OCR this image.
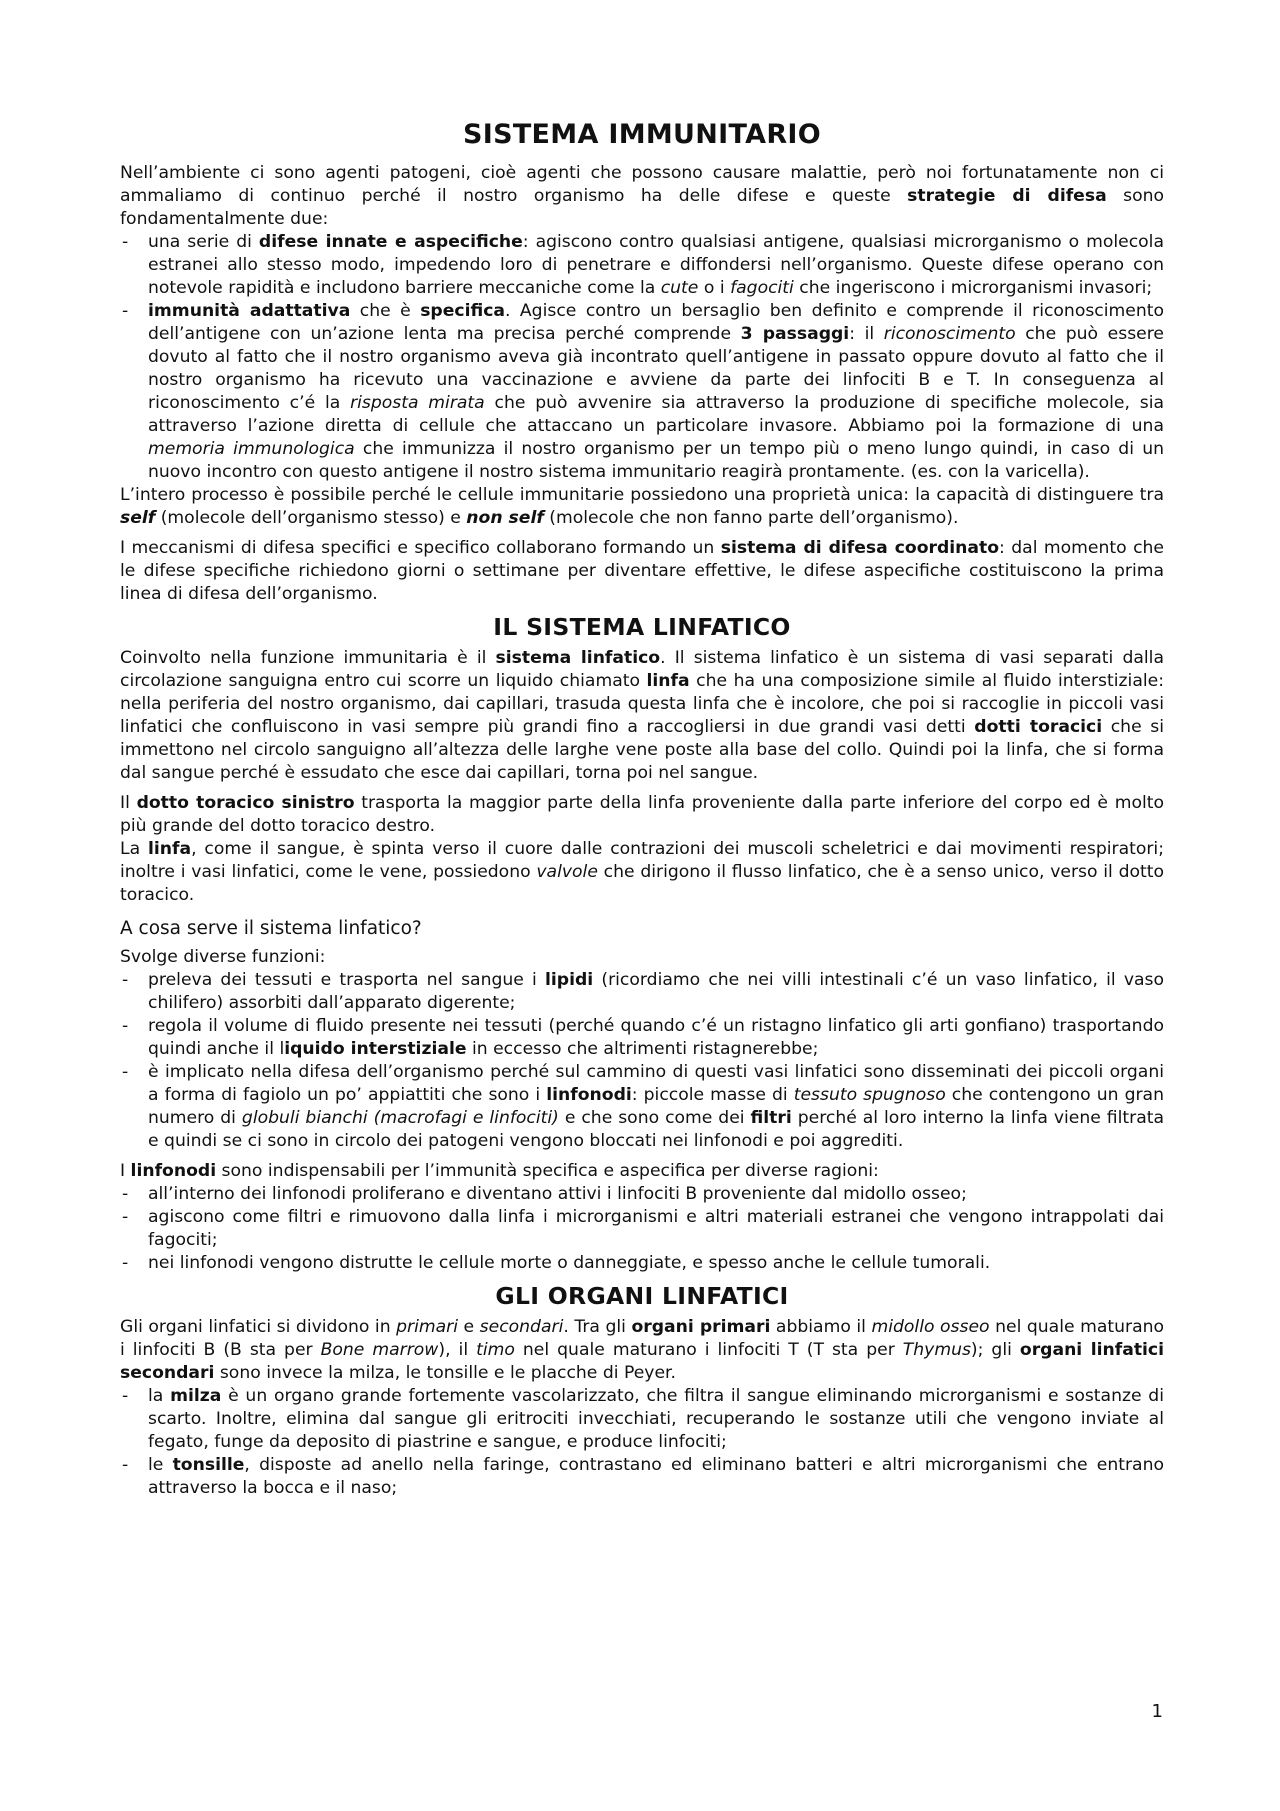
SISTEMA IMMUNITARIO

Nell’ambiente ci sono agenti patogeni, cioè agenti che possono causare malattie, però noi fortunatamente non ci ammaliamo di continuo perché il nostro organismo ha delle difese e queste strategie di difesa sono fondamentalmente due:

- una serie di difese innate e aspecifiche: agiscono contro qualsiasi antigene, qualsiasi microrganismo o molecola estranei allo stesso modo, impedendo loro di penetrare e diffondersi nell’organismo. Queste difese operano con notevole rapidità e includono barriere meccaniche come la cute o i fagociti che ingeriscono i microrganismi invasori;
- immunità adattativa che è specifica. Agisce contro un bersaglio ben definito e comprende il riconoscimento dell’antigene con un’azione lenta ma precisa perché comprende 3 passaggi: il riconoscimento che può essere dovuto al fatto che il nostro organismo aveva già incontrato quell’antigene in passato oppure dovuto al fatto che il nostro organismo ha ricevuto una vaccinazione e avviene da parte dei linfociti B e T. In conseguenza al riconoscimento c’é la risposta mirata che può avvenire sia attraverso la produzione di specifiche molecole, sia attraverso l’azione diretta di cellule che attaccano un particolare invasore. Abbiamo poi la formazione di una memoria immunologica che immunizza il nostro organismo per un tempo più o meno lungo quindi, in caso di un nuovo incontro con questo antigene il nostro sistema immunitario reagirà prontamente. (es. con la varicella).

L’intero processo è possibile perché le cellule immunitarie possiedono una proprietà unica: la capacità di distinguere tra self (molecole dell’organismo stesso) e non self (molecole che non fanno parte dell’organismo).

I meccanismi di difesa specifici e specifico collaborano formando un sistema di difesa coordinato: dal momento che le difese specifiche richiedono giorni o settimane per diventare effettive, le difese aspecifiche costituiscono la prima linea di difesa dell’organismo.

IL SISTEMA LINFATICO

Coinvolto nella funzione immunitaria è il sistema linfatico. Il sistema linfatico è un sistema di vasi separati dalla circolazione sanguigna entro cui scorre un liquido chiamato linfa che ha una composizione simile al fluido interstiziale: nella periferia del nostro organismo, dai capillari, trasuda questa linfa che è incolore, che poi si raccoglie in piccoli vasi linfatici che confluiscono in vasi sempre più grandi fino a raccogliersi in due grandi vasi detti dotti toracici che si immettono nel circolo sanguigno all’altezza delle larghe vene poste alla base del collo. Quindi poi la linfa, che si forma dal sangue perché è essudato che esce dai capillari, torna poi nel sangue.

Il dotto toracico sinistro trasporta la maggior parte della linfa proveniente dalla parte inferiore del corpo ed è molto più grande del dotto toracico destro.

La linfa, come il sangue, è spinta verso il cuore dalle contrazioni dei muscoli scheletrici e dai movimenti respiratori; inoltre i vasi linfatici, come le vene, possiedono valvole che dirigono il flusso linfatico, che è a senso unico, verso il dotto toracico.

A cosa serve il sistema linfatico?

Svolge diverse funzioni:

- preleva dei tessuti e trasporta nel sangue i lipidi (ricordiamo che nei villi intestinali c’é un vaso linfatico, il vaso chilifero) assorbiti dall’apparato digerente;
- regola il volume di fluido presente nei tessuti (perché quando c’é un ristagno linfatico gli arti gonfiano) trasportando quindi anche il liquido interstiziale in eccesso che altrimenti ristagnerebbe;
- è implicato nella difesa dell’organismo perché sul cammino di questi vasi linfatici sono disseminati dei piccoli organi a forma di fagiolo un po’ appiattiti che sono i linfonodi: piccole masse di tessuto spugnoso che contengono un gran numero di globuli bianchi (macrofagi e linfociti) e che sono come dei filtri perché al loro interno la linfa viene filtrata e quindi se ci sono in circolo dei patogeni vengono bloccati nei linfonodi e poi aggrediti.

I linfonodi sono indispensabili per l’immunità specifica e aspecifica per diverse ragioni:

- all’interno dei linfonodi proliferano e diventano attivi i linfociti B proveniente dal midollo osseo;
- agiscono come filtri e rimuovono dalla linfa i microrganismi e altri materiali estranei che vengono intrappolati dai fagociti;
- nei linfonodi vengono distrutte le cellule morte o danneggiate, e spesso anche le cellule tumorali.
GLI ORGANI LINFATICI

Gli organi linfatici si dividono in primari e secondari. Tra gli organi primari abbiamo il midollo osseo nel quale maturano i linfociti B (B sta per Bone marrow), il timo nel quale maturano i linfociti T (T sta per Thymus); gli organi linfatici secondari sono invece la milza, le tonsille e le placche di Peyer.

- la milza è un organo grande fortemente vascolarizzato, che filtra il sangue eliminando microrganismi e sostanze di scarto. Inoltre, elimina dal sangue gli eritrociti invecchiati, recuperando le sostanze utili che vengono inviate al fegato, funge da deposito di piastrine e sangue, e produce linfociti;
- le tonsille, disposte ad anello nella faringe, contrastano ed eliminano batteri e altri microrganismi che entrano attraverso la bocca e il naso;
1
